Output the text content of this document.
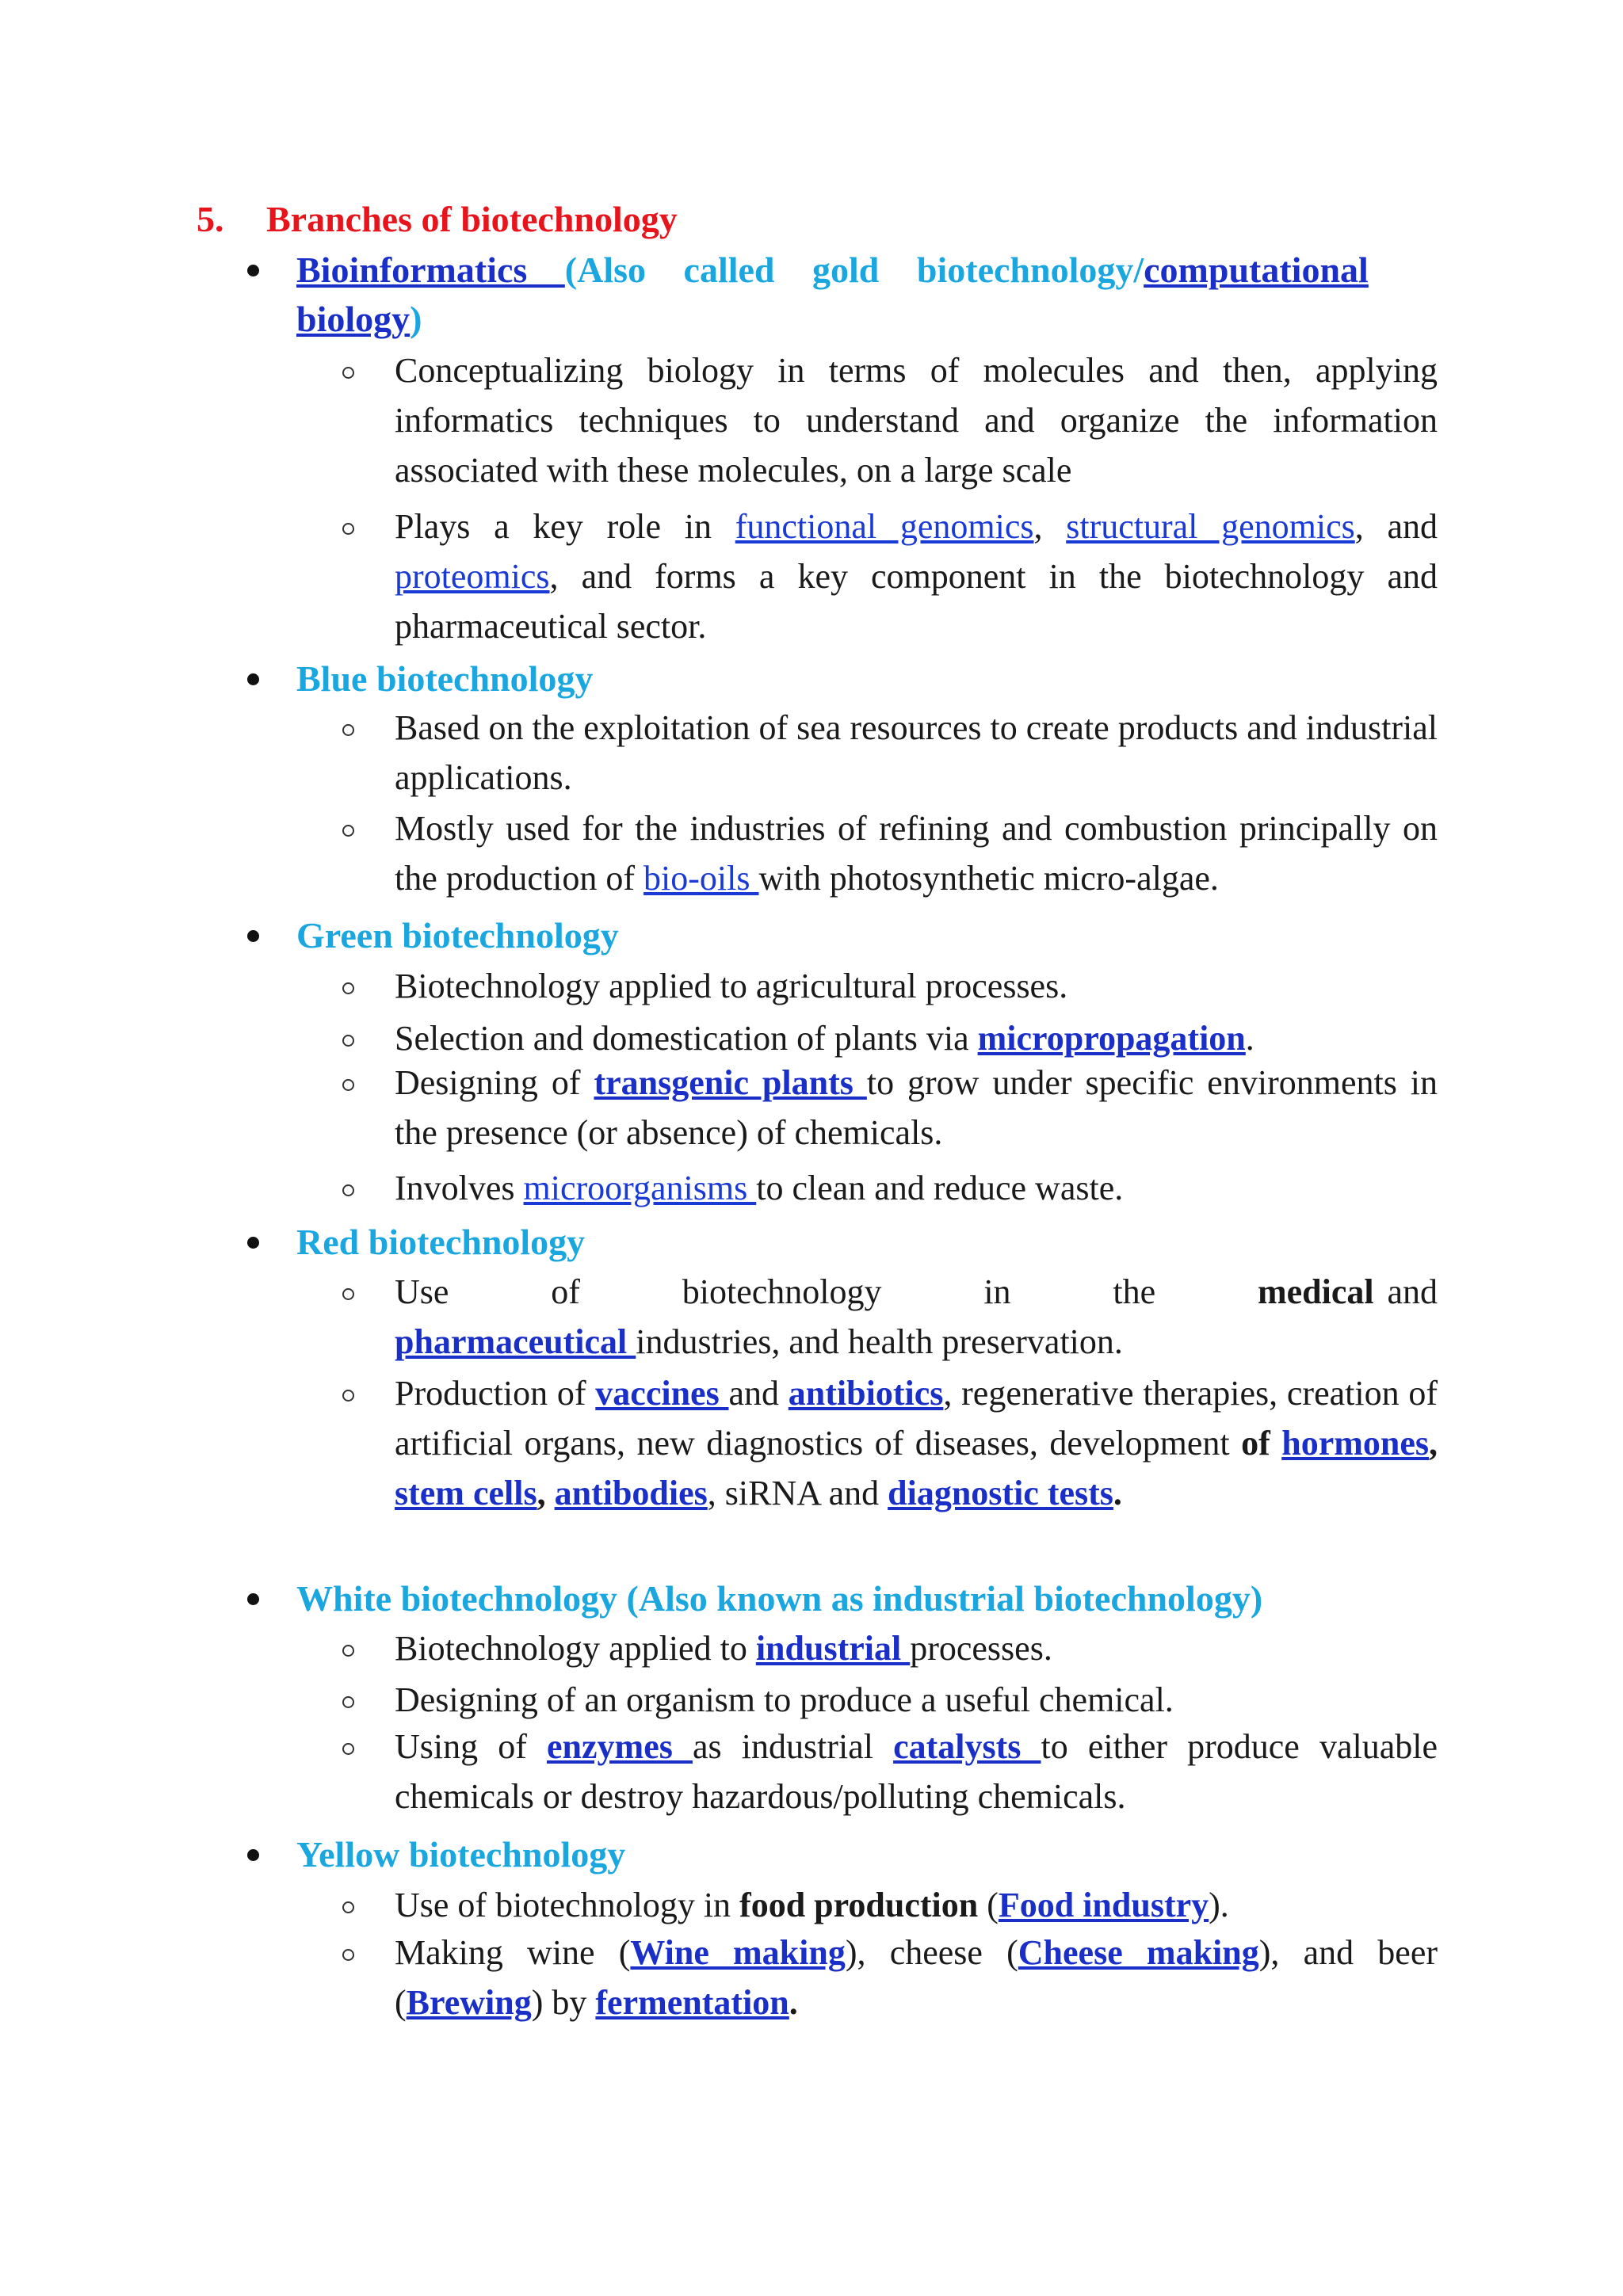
5. Branches of biotechnology
Bioinformatics (Also called gold biotechnology/computational
biology)
Conceptualizing biology in terms of molecules and then, applying informatics techniques to understand and organize the information associated with these molecules, on a large scale
Plays a key role in functional genomics, structural genomics, and proteomics, and forms a key component in the biotechnology and pharmaceutical sector.
Blue biotechnology
Based on the exploitation of sea resources to create products and industrial applications.
Mostly used for the industries of refining and combustion principally on the production of bio-oils with photosynthetic micro-algae.
Green biotechnology
Biotechnology applied to agricultural processes.
Selection and domestication of plants via micropropagation.
Designing of transgenic plants to grow under specific environments in the presence (or absence) of chemicals.
Involves microorganisms to clean and reduce waste.
Red biotechnology
Use of biotechnology in the medical and pharmaceutical industries, and health preservation.
Production of vaccines and antibiotics, regenerative therapies, creation of artificial organs, new diagnostics of diseases, development of hormones, stem cells, antibodies, siRNA and diagnostic tests.
White biotechnology (Also known as industrial biotechnology)
Biotechnology applied to industrial processes.
Designing of an organism to produce a useful chemical.
Using of enzymes as industrial catalysts to either produce valuable chemicals or destroy hazardous/polluting chemicals.
Yellow biotechnology
Use of biotechnology in food production (Food industry).
Making wine (Wine making), cheese (Cheese making), and beer (Brewing) by fermentation.
